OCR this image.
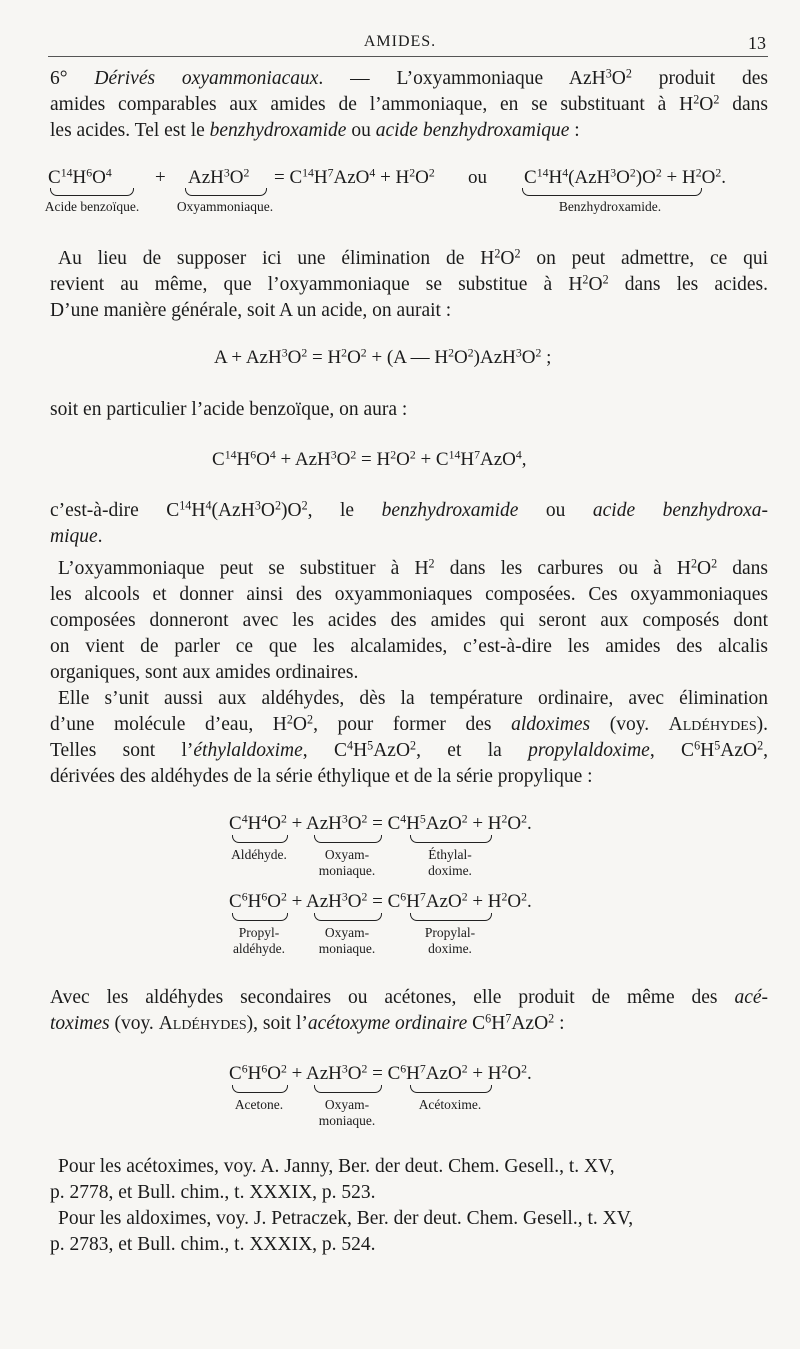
AMIDES.	13
6° Dérivés oxyammoniacaux. — L’oxyammoniaque $AzH^3O^2$ produit des
amides comparables aux amides de l’ammoniaque, en se substituant à $H^2O^2$ dans
les acides. Tel est le benzhydroxamide ou acide benzhydroxamique :
$C^{14}H^6O^4 + AzH^3O^2 = C^{14}H^7AzO^4 + H^2O^2$ ou $C^{14}H^4(AzH^3O^2)O^2 + H^2O^2$.
Acide benzoïque.	Oxyammoniaque.	Benzhydroxamide.
Au lieu de supposer ici une élimination de $H^2O^2$ on peut admettre, ce qui
revient au même, que l’oxyammoniaque se substitue à $H^2O^2$ dans les acides.
D’une manière générale, soit A un acide, on aurait :
$A + AzH^3O^2 = H^2O^2 + (A$ — $H^2O^2)AzH^3O^2$ ;
soit en particulier l’acide benzoïque, on aura :
$C^{14}H^6O^4 + AzH^3O^2 = H^2O^2 + C^{14}H^7AzO^4$,
c’est-à-dire $C^{14}H^4(AzH^3O^2)O^2$, le benzhydroxamide ou acide benzhydroxa-
mique.
L’oxyammoniaque peut se substituer à $H^2$ dans les carbures ou à $H^2O^2$ dans
les alcools et donner ainsi des oxyammoniaques composées. Ces oxyammoniaques
composées donneront avec les acides des amides qui seront aux composés dont
on vient de parler ce que les alcalamides, c’est-à-dire les amides des alcalis
organiques, sont aux amides ordinaires.
Elle s’unit aussi aux aldéhydes, dès la température ordinaire, avec élimination
d’une molécule d’eau, $H^2O^2$, pour former des aldoximes (voy. Aldéhydes).
Telles sont l’éthylaldoxime, $C^4H^5AzO^2$, et la propylaldoxime, $C^6H^5AzO^2$,
dérivées des aldéhydes de la série éthylique et de la série propylique :
$C^4H^4O^2 + AzH^3O^2 = C^4H^5AzO^2 + H^2O^2$.
Aldéhyde.	Oxyam-
moniaque.
Éthylal-
doxime.
$C^6H^6O^2 + AzH^3O^2 = C^6H^7AzO^2 + H^2O^2$.
Propyl-
aldéhyde.
Oxyam-
moniaque.
Propylal-
doxime.
Avec les aldéhydes secondaires ou acétones, elle produit de même des acé-
toximes (voy. Aldéhydes), soit l’acétoxyme ordinaire $C^6H^7AzO^2$ :
$C^6H^6O^2 + AzH^3O^2 = C^6H^7AzO^2 + H^2O^2$.
Acetone.	Oxyam-
moniaque.
Acétoxime.
Pour les acétoximes, voy. A. Janny, Ber. der deut. Chem. Gesell., t. XV,
p. 2778, et Bull. chim., t. XXXIX, p. 523.
Pour les aldoximes, voy. J. Petraczek, Ber. der deut. Chem. Gesell., t. XV,
p. 2783, et Bull. chim., t. XXXIX, p. 524.
